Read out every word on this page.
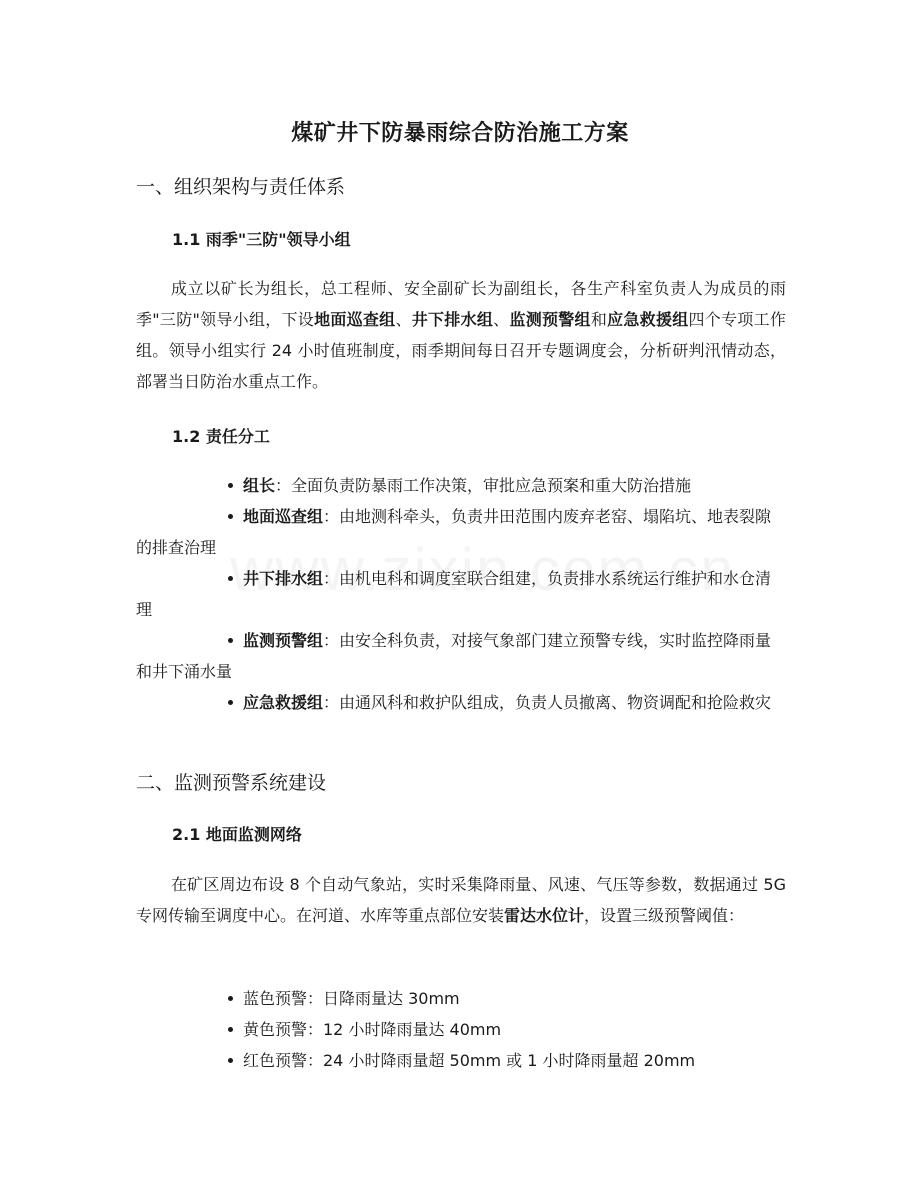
煤矿井下防暴雨综合防治施工方案
一、组织架构与责任体系
1.1 雨季"三防"领导小组

成立以矿长为组长，总工程师、安全副矿长为副组长，各生产科室负责人为成员的雨季"三防"领导小组，下设地面巡查组、井下排水组、监测预警组和应急救援组四个专项工作组。领导小组实行 24 小时值班制度，雨季期间每日召开专题调度会，分析研判汛情动态，部署当日防治水重点工作。

1.2 责任分工
组长：全面负责防暴雨工作决策，审批应急预案和重大防治措施
地面巡查组：由地测科牵头，负责井田范围内废弃老窑、塌陷坑、地表裂隙的排查治理
井下排水组：由机电科和调度室联合组建，负责排水系统运行维护和水仓清理
监测预警组：由安全科负责，对接气象部门建立预警专线，实时监控降雨量和井下涌水量
应急救援组：由通风科和救护队组成，负责人员撤离、物资调配和抢险救灾
二、监测预警系统建设
2.1 地面监测网络

在矿区周边布设 8 个自动气象站，实时采集降雨量、风速、气压等参数，数据通过 5G 专网传输至调度中心。在河道、水库等重点部位安装雷达水位计，设置三级预警阈值：

蓝色预警：日降雨量达 30mm
黄色预警：12 小时降雨量达 40mm
红色预警：24 小时降雨量超 50mm 或 1 小时降雨量超 20mm
